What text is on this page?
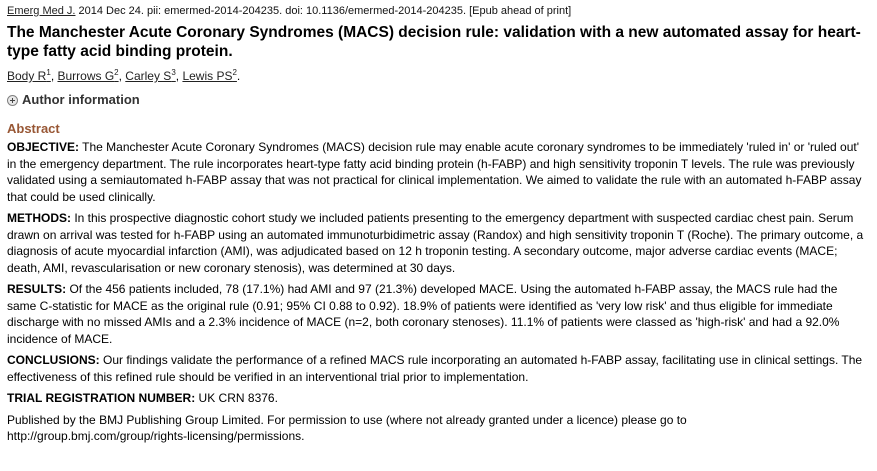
Emerg Med J. 2014 Dec 24. pii: emermed-2014-204235. doi: 10.1136/emermed-2014-204235. [Epub ahead of print]
The Manchester Acute Coronary Syndromes (MACS) decision rule: validation with a new automated assay for heart-type fatty acid binding protein.
Body $R^1$, Burrows $G^2$, Carley $S^3$, Lewis $PS^2$.
Author information
Abstract

OBJECTIVE: The Manchester Acute Coronary Syndromes (MACS) decision rule may enable acute coronary syndromes to be immediately 'ruled in' or 'ruled out' in the emergency department. The rule incorporates heart-type fatty acid binding protein (h-FABP) and high sensitivity troponin T levels. The rule was previously validated using a semiautomated h-FABP assay that was not practical for clinical implementation. We aimed to validate the rule with an automated h-FABP assay that could be used clinically.

METHODS: In this prospective diagnostic cohort study we included patients presenting to the emergency department with suspected cardiac chest pain. Serum drawn on arrival was tested for h-FABP using an automated immunoturbidimetric assay (Randox) and high sensitivity troponin T (Roche). The primary outcome, a diagnosis of acute myocardial infarction (AMI), was adjudicated based on 12 h troponin testing. A secondary outcome, major adverse cardiac events (MACE; death, AMI, revascularisation or new coronary stenosis), was determined at 30 days.

RESULTS: Of the 456 patients included, 78 (17.1%) had AMI and 97 (21.3%) developed MACE. Using the automated h-FABP assay, the MACS rule had the same C-statistic for MACE as the original rule (0.91; 95% CI 0.88 to 0.92). 18.9% of patients were identified as 'very low risk' and thus eligible for immediate discharge with no missed AMIs and a 2.3% incidence of MACE (n=2, both coronary stenoses). 11.1% of patients were classed as 'high-risk' and had a 92.0% incidence of MACE.

CONCLUSIONS: Our findings validate the performance of a refined MACS rule incorporating an automated h-FABP assay, facilitating use in clinical settings. The effectiveness of this refined rule should be verified in an interventional trial prior to implementation.

TRIAL REGISTRATION NUMBER: UK CRN 8376.

Published by the BMJ Publishing Group Limited. For permission to use (where not already granted under a licence) please go to http://group.bmj.com/group/rights-licensing/permissions.
